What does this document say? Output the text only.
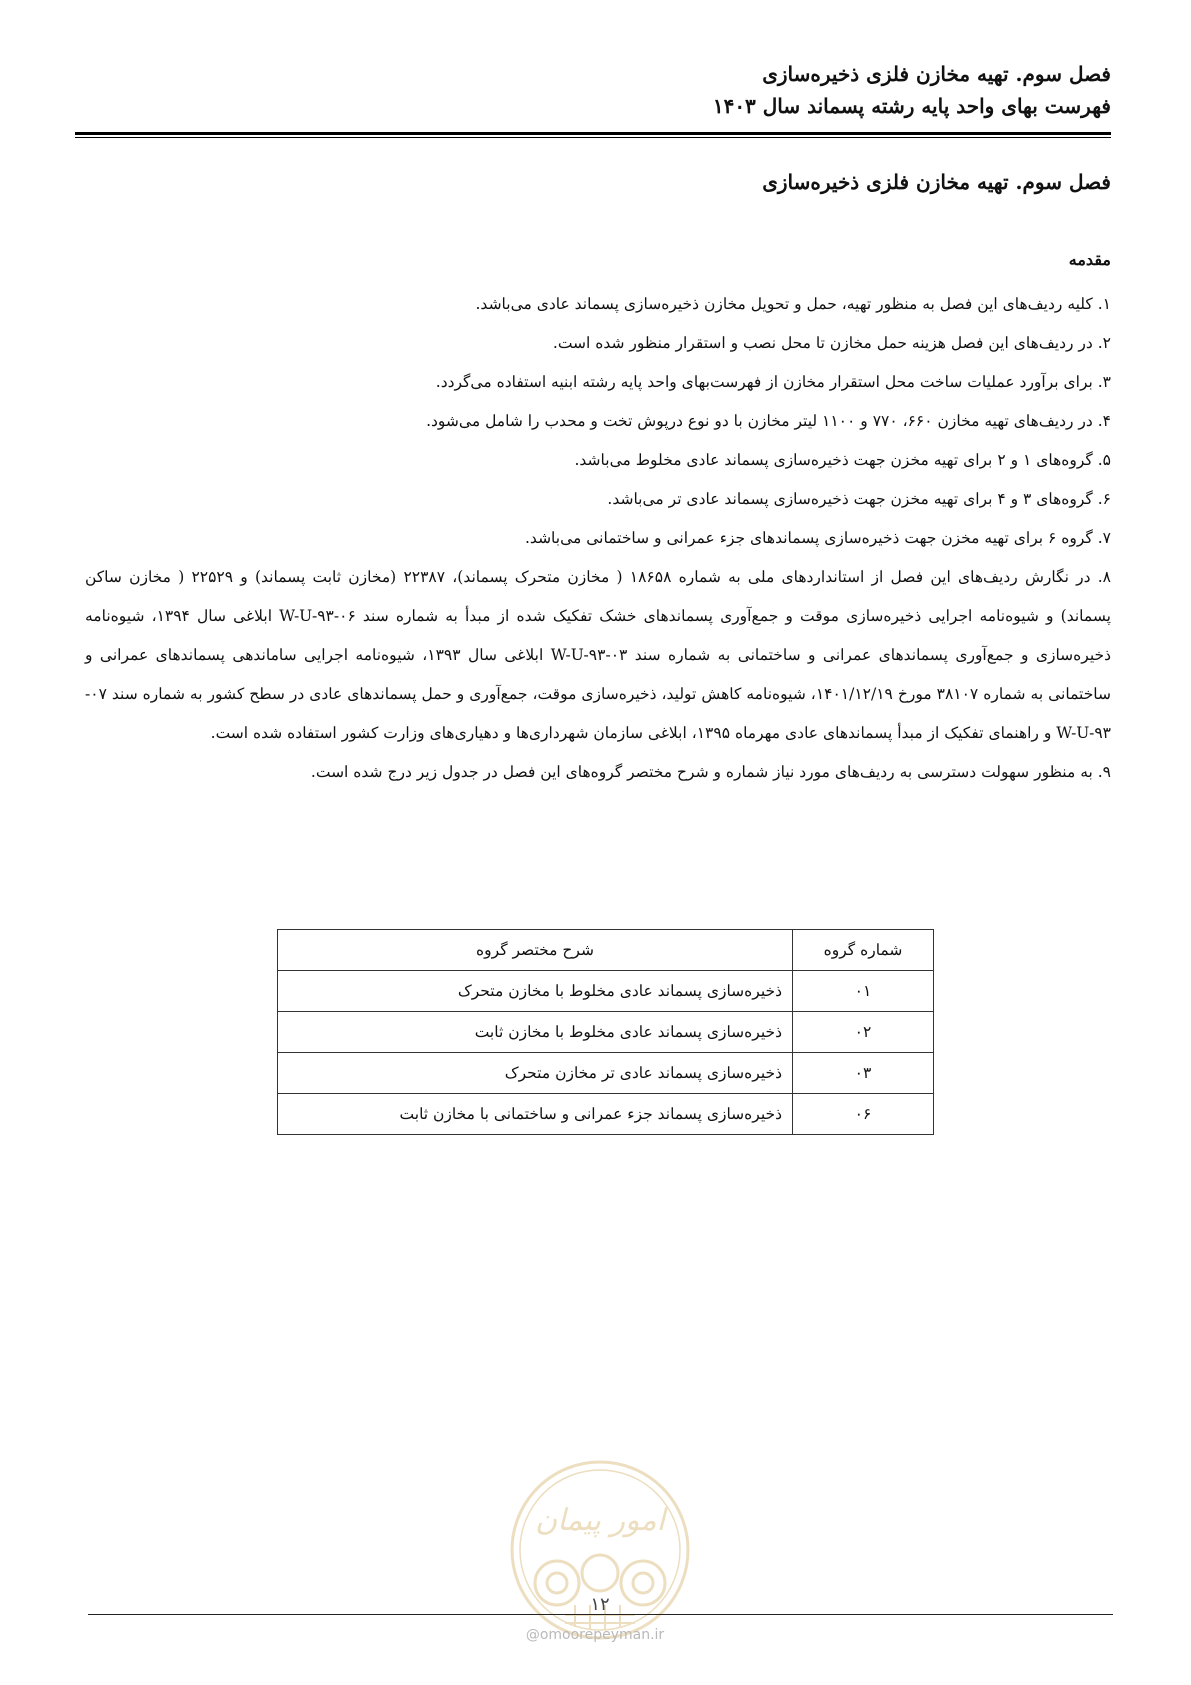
فصل سوم. تهیه مخازن فلزی ذخیره‌سازی
فهرست بهای واحد پایه رشته پسماند سال ۱۴۰۳
فصل سوم. تهیه مخازن فلزی ذخیره‌سازی
مقدمه
۱. کلیه ردیف‌های این فصل به منظور تهیه، حمل و تحویل مخازن ذخیره‌سازی پسماند عادی می‌باشد.
۲. در ردیف‌های این فصل هزینه حمل مخازن تا محل نصب و استقرار منظور شده است.
۳. برای برآورد عملیات ساخت محل استقرار مخازن از فهرست‌بهای واحد پایه رشته ابنیه استفاده می‌گردد.
۴. در ردیف‌های تهیه مخازن ۶۶۰، ۷۷۰ و ۱۱۰۰ لیتر مخازن با دو نوع درپوش تخت و محدب را شامل می‌شود.
۵. گروه‌های ۱ و ۲ برای تهیه مخزن جهت ذخیره‌سازی پسماند عادی مخلوط می‌باشد.
۶. گروه‌های ۳ و ۴ برای تهیه مخزن جهت ذخیره‌سازی پسماند عادی تر می‌باشد.
۷. گروه ۶ برای تهیه مخزن جهت ذخیره‌سازی پسماندهای جزء عمرانی و ساختمانی می‌باشد.
۸. در نگارش ردیف‌های این فصل از استانداردهای ملی به شماره ۱۸۶۵۸ ( مخازن متحرک پسماند)، ۲۲۳۸۷ (مخازن ثابت پسماند) و ۲۲۵۲۹ ( مخازن ساکن پسماند) و شیوه‌نامه اجرایی ذخیره‌سازی موقت و جمع‌آوری پسماندهای خشک تفکیک شده از مبدأ به شماره سند ۰۶-W-U-۹۳ ابلاغی سال ۱۳۹۴، شیوه‌نامه ذخیره‌سازی و جمع‌آوری پسماندهای عمرانی و ساختمانی به شماره سند ۰۳-W-U-۹۳ ابلاغی سال ۱۳۹۳، شیوه‌نامه اجرایی ساماندهی پسماندهای عمرانی و ساختمانی به شماره ۳۸۱۰۷ مورخ ۱۴۰۱/۱۲/۱۹، شیوه‌نامه کاهش تولید، ذخیره‌سازی موقت، جمع‌آوری و حمل پسماندهای عادی در سطح کشور به شماره سند ۰۷-W-U-۹۳ و راهنمای تفکیک از مبدأ پسماندهای عادی مهرماه ۱۳۹۵، ابلاغی سازمان شهرداری‌ها و دهیاری‌های وزارت کشور استفاده شده است.
۹. به منظور سهولت دسترسی به ردیف‌های مورد نیاز شماره و شرح مختصر گروه‌های این فصل در جدول زیر درج شده است.
شماره گروه	شرح مختصر گروه
۰۱	ذخیره‌سازی پسماند عادی مخلوط با مخازن متحرک
۰۲	ذخیره‌سازی پسماند عادی مخلوط با مخازن ثابت
۰۳	ذخیره‌سازی پسماند عادی تر مخازن متحرک
۰۶	ذخیره‌سازی پسماند جزء عمرانی و ساختمانی با مخازن ثابت
امور پیمان
۱۲
@omoorepeyman.ir
